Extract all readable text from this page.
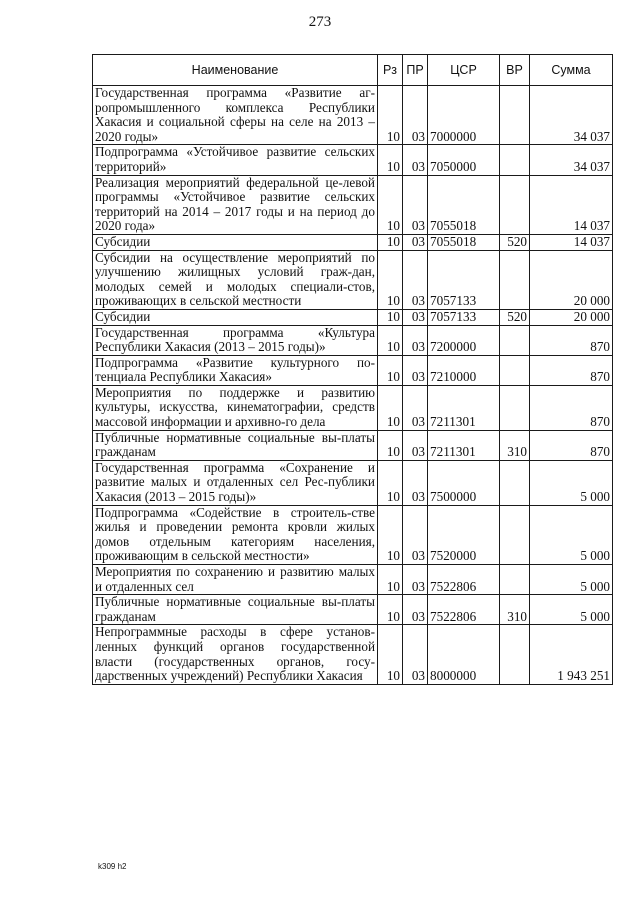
273
Наименование	Рз	ПР	ЦСР	ВР	Сумма
Государственная программа «Развитие аг-ропромышленного комплекса Республики Хакасия и социальной сферы на селе на 2013 – 2020 годы»	10	03	7000000		34 037
Подпрограмма «Устойчивое развитие сельских территорий»	10	03	7050000		34 037
Реализация мероприятий федеральной це-левой программы «Устойчивое развитие сельских территорий на 2014 – 2017 годы и на период до 2020 года»	10	03	7055018		14 037
Субсидии	10	03	7055018	520	14 037
Субсидии на осуществление мероприятий по улучшению жилищных условий граж-дан, молодых семей и молодых специали-стов, проживающих в сельской местности	10	03	7057133		20 000
Субсидии	10	03	7057133	520	20 000
Государственная программа «Культура Республики Хакасия (2013 – 2015 годы)»	10	03	7200000		870
Подпрограмма «Развитие культурного по-тенциала Республики Хакасия»	10	03	7210000		870
Мероприятия по поддержке и развитию культуры, искусства, кинематографии, средств массовой информации и архивно-го дела	10	03	7211301		870
Публичные нормативные социальные вы-платы гражданам	10	03	7211301	310	870
Государственная программа «Сохранение и развитие малых и отдаленных сел Рес-публики Хакасия (2013 – 2015 годы)»	10	03	7500000		5 000
Подпрограмма «Содействие в строитель-стве жилья и проведении ремонта кровли жилых домов отдельным категориям населения, проживающим в сельской местности»	10	03	7520000		5 000
Мероприятия по сохранению и развитию малых и отдаленных сел	10	03	7522806		5 000
Публичные нормативные социальные вы-платы гражданам	10	03	7522806	310	5 000
Непрограммные расходы в сфере установ-ленных функций органов государственной власти (государственных органов, госу-дарственных учреждений) Республики Хакасия	10	03	8000000		1 943 251
k309 h2
